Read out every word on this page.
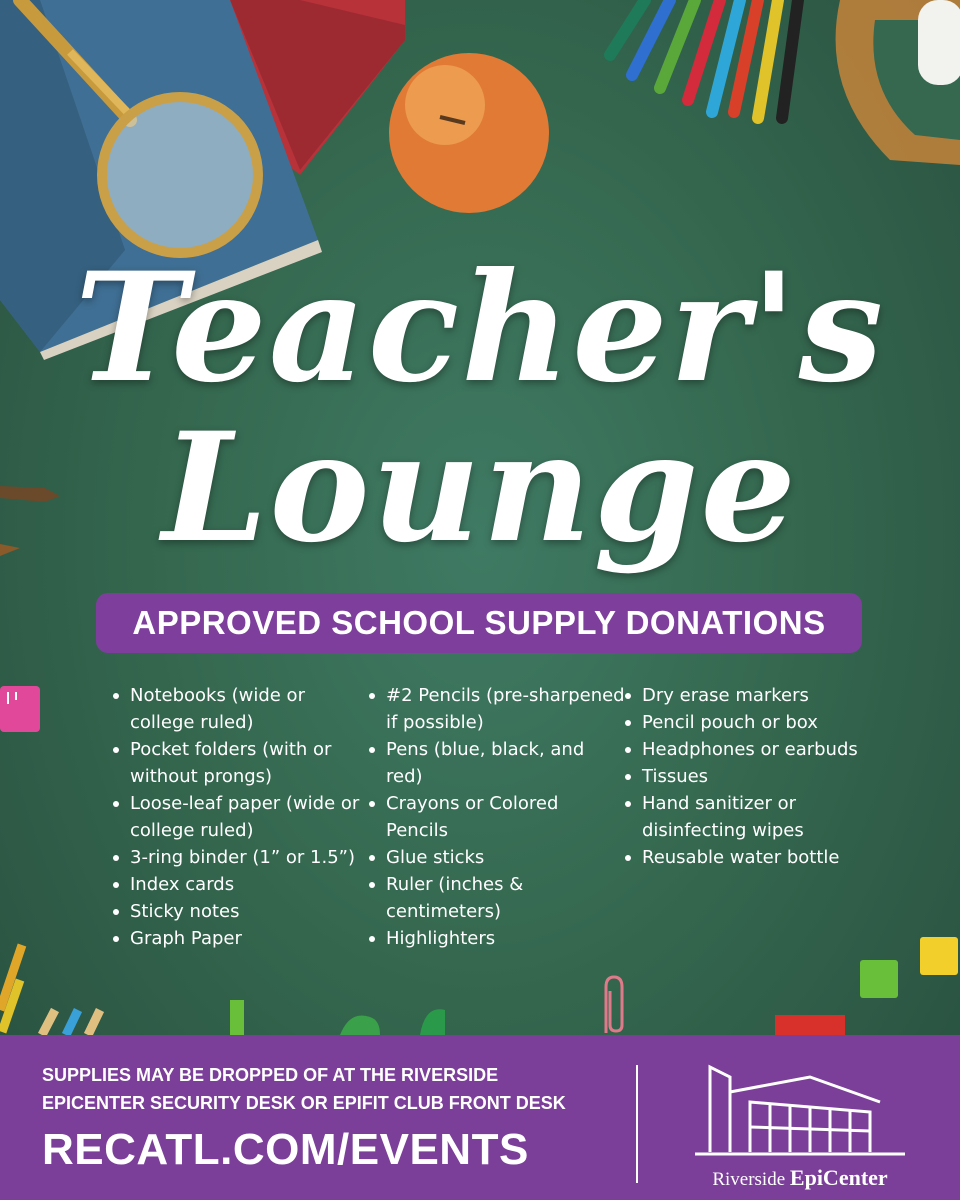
Teacher's
Lounge
APPROVED SCHOOL SUPPLY DONATIONS
Notebooks (wide or college ruled)
Pocket folders (with or without prongs)
Loose-leaf paper (wide or college ruled)
3-ring binder (1” or 1.5”)
Index cards
Sticky notes
Graph Paper
#2 Pencils (pre-sharpened if possible)
Pens (blue, black, and red)
Crayons or Colored Pencils
Glue sticks
Ruler (inches & centimeters)
Highlighters
Dry erase markers
Pencil pouch or box
Headphones or earbuds
Tissues
Hand sanitizer or disinfecting wipes
Reusable water bottle

SUPPLIES MAY BE DROPPED OF AT THE RIVERSIDE
EPICENTER SECURITY DESK OR EPIFIT CLUB FRONT DESK

RECATL.COM/EVENTS
Riverside EpiCenter
